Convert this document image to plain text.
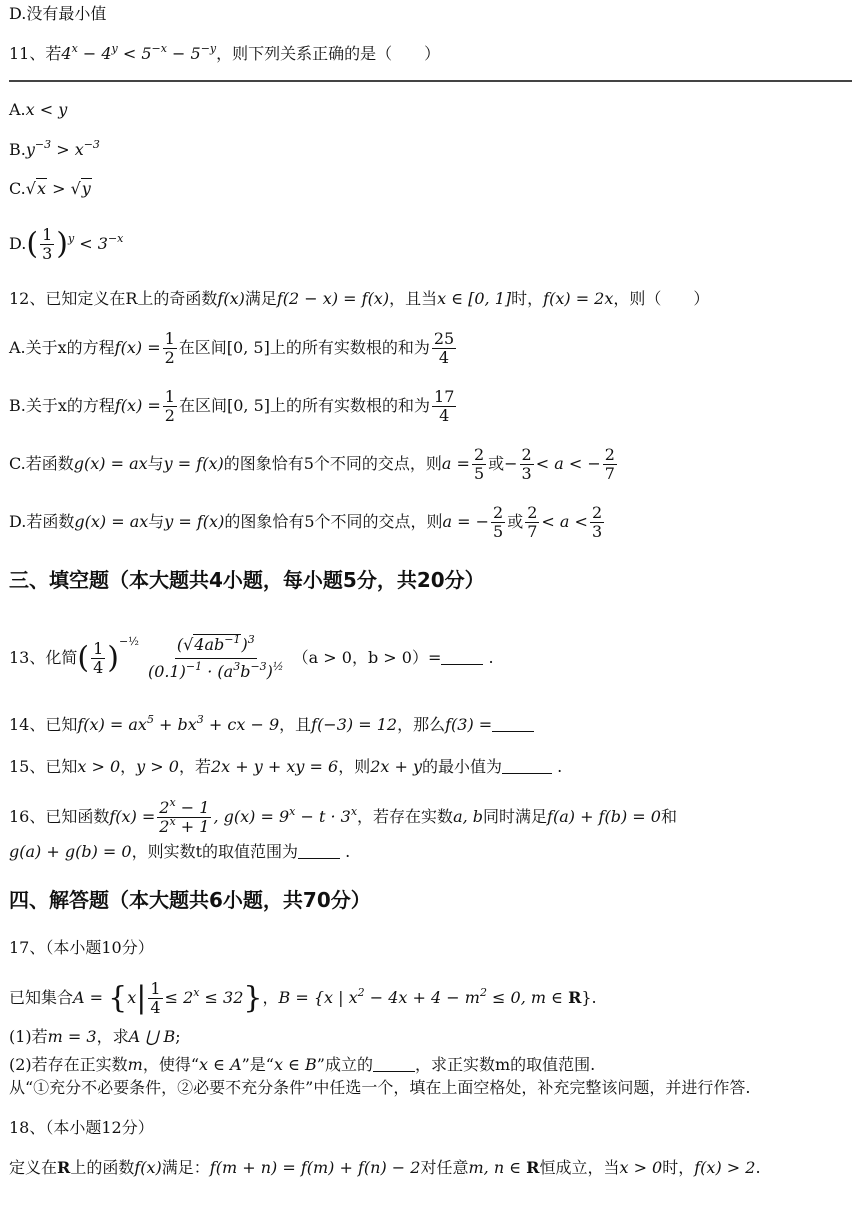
D.没有最小值
11、若$4^x - 4^y < 5^{-x} - 5^{-y}$，则下列关系正确的是（　　）
A.x < y
$B.y^{-3} > x^{-3}$
C.√x > √y
$D.( \frac{1}{3} )^y < 3^{-x}$
12、已知定义在R上的奇函数f(x)满足f(2 − x) = f(x)，且当x ∈ [0, 1]时，f(x) = 2x，则（　　）
A.关于x的方程$f(x) = \frac{1}{2}$ 在区间[0, 5]上的所有实数根的和为 $\frac{25}{4}$
B.关于x的方程$f(x) = \frac{1}{2}$ 在区间[0, 5]上的所有实数根的和为 $\frac{17}{4}$
C.若函数g(x) = ax与y = f(x)的图象恰有5个不同的交点，则$a = \frac{2}{5}$ 或− $\frac{2}{3} < a$ < − $\frac{2}{7}$
D.若函数g(x) = ax与y = f(x)的图象恰有5个不同的交点，则a = − $\frac{2}{5}$ 或 $\frac{2}{7} < a < \frac{2}{3}$
三、填空题（本大题共4小题，每小题5分，共20分）
13、化简( $\frac{1}{4} )^{-\frac{1}{2}} \frac{(√4ab^{-1})^3}{(0.1)^{-1} \cdot (a^3b^{-3})^{\frac{1}{2}}} (a > 0$，b > 0）=	.
14、已知$f(x) = ax^5 + bx^3$ + cx − 9，且f(−3) = 12，那么f(3) =
15、已知x > 0，y > 0，若2x + y + xy = 6，则2x + y的最小值为	.
16、已知函数$f(x) = \frac{2^x - 1}{2^x + 1}$ , $g(x) = 9^x - t \cdot 3^x$，若存在实数a, b同时满足f(a) + f(b) = 0和
g(a) + g(b) = 0，则实数t的取值范围为	.
四、解答题（本大题共6小题，共70分）
17、（本小题10分）
已知集合$A = \{x| \frac{1}{4} \le 2^x \le 32\}$，B = {x | $x^2 - 4x + 4 - m^2 \le 0$, m ∈ R}.
(1)若m = 3，求A ⋃ B;
(2)若存在正实数m，使得“x ∈ A”是“x ∈ B”成立的	，求正实数m的取值范围.
从“①充分不必要条件，②必要不充分条件”中任选一个，填在上面空格处，补充完整该问题，并进行作答.
18、（本小题12分）
定义在R上的函数f(x)满足：f(m + n) = f(m) + f(n) − 2对任意m, n ∈ R恒成立，当x > 0时，f(x) > 2.
